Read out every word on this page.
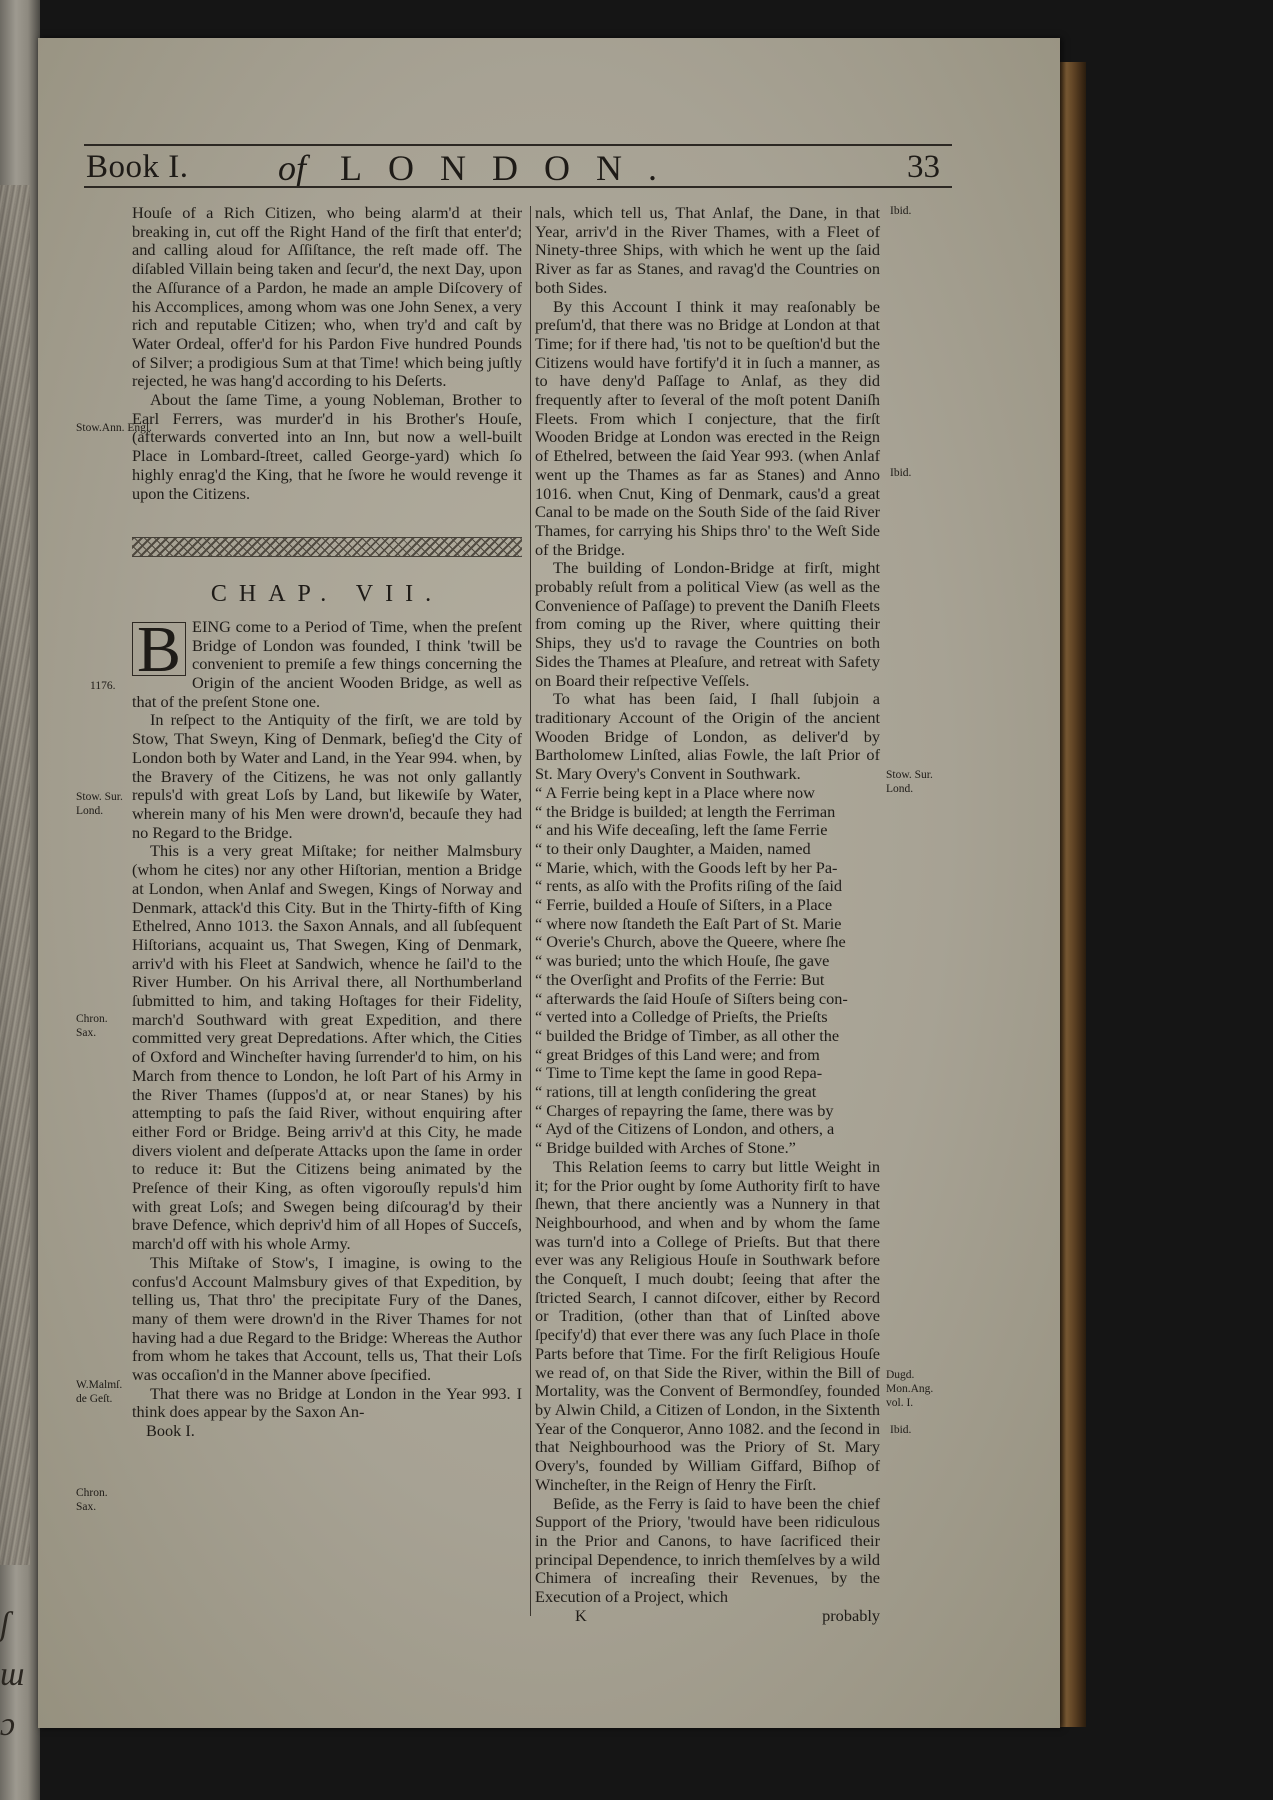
ʃ
ɯ
ɔ
Book I. of LONDON.	33
Stow.Ann. Engl.
1176.
Stow. Sur. Lond.
Chron. Sax.
W.Malmſ. de Geſt.
Chron. Sax.
Ibid.
Ibid.
Stow. Sur. Lond.
Dugd. Mon.Ang. vol. I.
Ibid.

Houſe of a Rich Citizen, who being alarm'd at their breaking in, cut off the Right Hand of the firſt that enter'd; and calling aloud for Aſſiſtance, the reſt made off. The diſabled Villain being taken and ſecur'd, the next Day, upon the Aſſurance of a Pardon, he made an ample Diſcovery of his Accomplices, among whom was one John Senex, a very rich and reputable Citizen; who, when try'd and caſt by Water Ordeal, offer'd for his Pardon Five hundred Pounds of Silver; a prodigious Sum at that Time! which being juſtly rejected, he was hang'd according to his Deſerts.

About the ſame Time, a young Nobleman, Brother to Earl Ferrers, was murder'd in his Brother's Houſe, (afterwards converted into an Inn, but now a well-built Place in Lombard-ſtreet, called George-yard) which ſo highly enrag'd the King, that he ſwore he would revenge it upon the Citizens.

CHAP. VII.

B EING come to a Period of Time, when the preſent Bridge of London was founded, I think 'twill be convenient to premiſe a few things concerning the Origin of the ancient Wooden Bridge, as well as that of the preſent Stone one.

In reſpect to the Antiquity of the firſt, we are told by Stow, That Sweyn, King of Denmark, beſieg'd the City of London both by Water and Land, in the Year 994. when, by the Bravery of the Citizens, he was not only gallantly repuls'd with great Loſs by Land, but likewiſe by Water, wherein many of his Men were drown'd, becauſe they had no Regard to the Bridge.

This is a very great Miſtake; for neither Malmsbury (whom he cites) nor any other Hiſtorian, mention a Bridge at London, when Anlaf and Swegen, Kings of Norway and Denmark, attack'd this City. But in the Thirty-fifth of King Ethelred, Anno 1013. the Saxon Annals, and all ſubſequent Hiſtorians, acquaint us, That Swegen, King of Denmark, arriv'd with his Fleet at Sandwich, whence he ſail'd to the River Humber. On his Arrival there, all Northumberland ſubmitted to him, and taking Hoſtages for their Fidelity, march'd Southward with great Expedition, and there committed very great Depredations. After which, the Cities of Oxford and Wincheſter having ſurrender'd to him, on his March from thence to London, he loſt Part of his Army in the River Thames (ſuppos'd at, or near Stanes) by his attempting to paſs the ſaid River, without enquiring after either Ford or Bridge. Being arriv'd at this City, he made divers violent and deſperate Attacks upon the ſame in order to reduce it: But the Citizens being animated by the Preſence of their King, as often vigorouſly repuls'd him with great Loſs; and Swegen being diſcourag'd by their brave Defence, which depriv'd him of all Hopes of Succeſs, march'd off with his whole Army.

This Miſtake of Stow's, I imagine, is owing to the confus'd Account Malmsbury gives of that Expedition, by telling us, That thro' the precipitate Fury of the Danes, many of them were drown'd in the River Thames for not having had a due Regard to the Bridge: Whereas the Author from whom he takes that Account, tells us, That their Loſs was occaſion'd in the Manner above ſpecified.

That there was no Bridge at London in the Year 993. I think does appear by the Saxon An-

Book I.

nals, which tell us, That Anlaf, the Dane, in that Year, arriv'd in the River Thames, with a Fleet of Ninety-three Ships, with which he went up the ſaid River as far as Stanes, and ravag'd the Countries on both Sides.

By this Account I think it may reaſonably be preſum'd, that there was no Bridge at London at that Time; for if there had, 'tis not to be queſtion'd but the Citizens would have fortify'd it in ſuch a manner, as to have deny'd Paſſage to Anlaf, as they did frequently after to ſeveral of the moſt potent Daniſh Fleets. From which I conjecture, that the firſt Wooden Bridge at London was erected in the Reign of Ethelred, between the ſaid Year 993. (when Anlaf went up the Thames as far as Stanes) and Anno 1016. when Cnut, King of Denmark, caus'd a great Canal to be made on the South Side of the ſaid River Thames, for carrying his Ships thro' to the Weſt Side of the Bridge.

The building of London-Bridge at firſt, might probably reſult from a political View (as well as the Convenience of Paſſage) to prevent the Daniſh Fleets from coming up the River, where quitting their Ships, they us'd to ravage the Countries on both Sides the Thames at Pleaſure, and retreat with Safety on Board their reſpective Veſſels.

To what has been ſaid, I ſhall ſubjoin a traditionary Account of the Origin of the ancient Wooden Bridge of London, as deliver'd by Bartholomew Linſted, alias Fowle, the laſt Prior of St. Mary Overy's Convent in Southwark.

“ A Ferrie being kept in a Place where now
“ the Bridge is builded; at length the Ferriman
“ and his Wife deceaſing, left the ſame Ferrie
“ to their only Daughter, a Maiden, named
“ Marie, which, with the Goods left by her Pa-
“ rents, as alſo with the Profits riſing of the ſaid
“ Ferrie, builded a Houſe of Siſters, in a Place
“ where now ſtandeth the Eaſt Part of St. Marie
“ Overie's Church, above the Queere, where ſhe
“ was buried; unto the which Houſe, ſhe gave
“ the Overſight and Profits of the Ferrie: But
“ afterwards the ſaid Houſe of Siſters being con-
“ verted into a Colledge of Prieſts, the Prieſts
“ builded the Bridge of Timber, as all other the
“ great Bridges of this Land were; and from
“ Time to Time kept the ſame in good Repa-
“ rations, till at length conſidering the great
“ Charges of repayring the ſame, there was by
“ Ayd of the Citizens of London, and others, a
“ Bridge builded with Arches of Stone.”

This Relation ſeems to carry but little Weight in it; for the Prior ought by ſome Authority firſt to have ſhewn, that there anciently was a Nunnery in that Neighbourhood, and when and by whom the ſame was turn'd into a College of Prieſts. But that there ever was any Religious Houſe in Southwark before the Conqueſt, I much doubt; ſeeing that after the ſtricted Search, I cannot diſcover, either by Record or Tradition, (other than that of Linſted above ſpecify'd) that ever there was any ſuch Place in thoſe Parts before that Time. For the firſt Religious Houſe we read of, on that Side the River, within the Bill of Mortality, was the Convent of Bermondſey, founded by Alwin Child, a Citizen of London, in the Sixtenth Year of the Conqueror, Anno 1082. and the ſecond in that Neighbourhood was the Priory of St. Mary Overy's, founded by William Giffard, Biſhop of Wincheſter, in the Reign of Henry the Firſt.

Beſide, as the Ferry is ſaid to have been the chief Support of the Priory, 'twould have been ridiculous in the Prior and Canons, to have ſacrificed their principal Dependence, to inrich themſelves by a wild Chimera of increaſing their Revenues, by the Execution of a Project, which

K	probably
